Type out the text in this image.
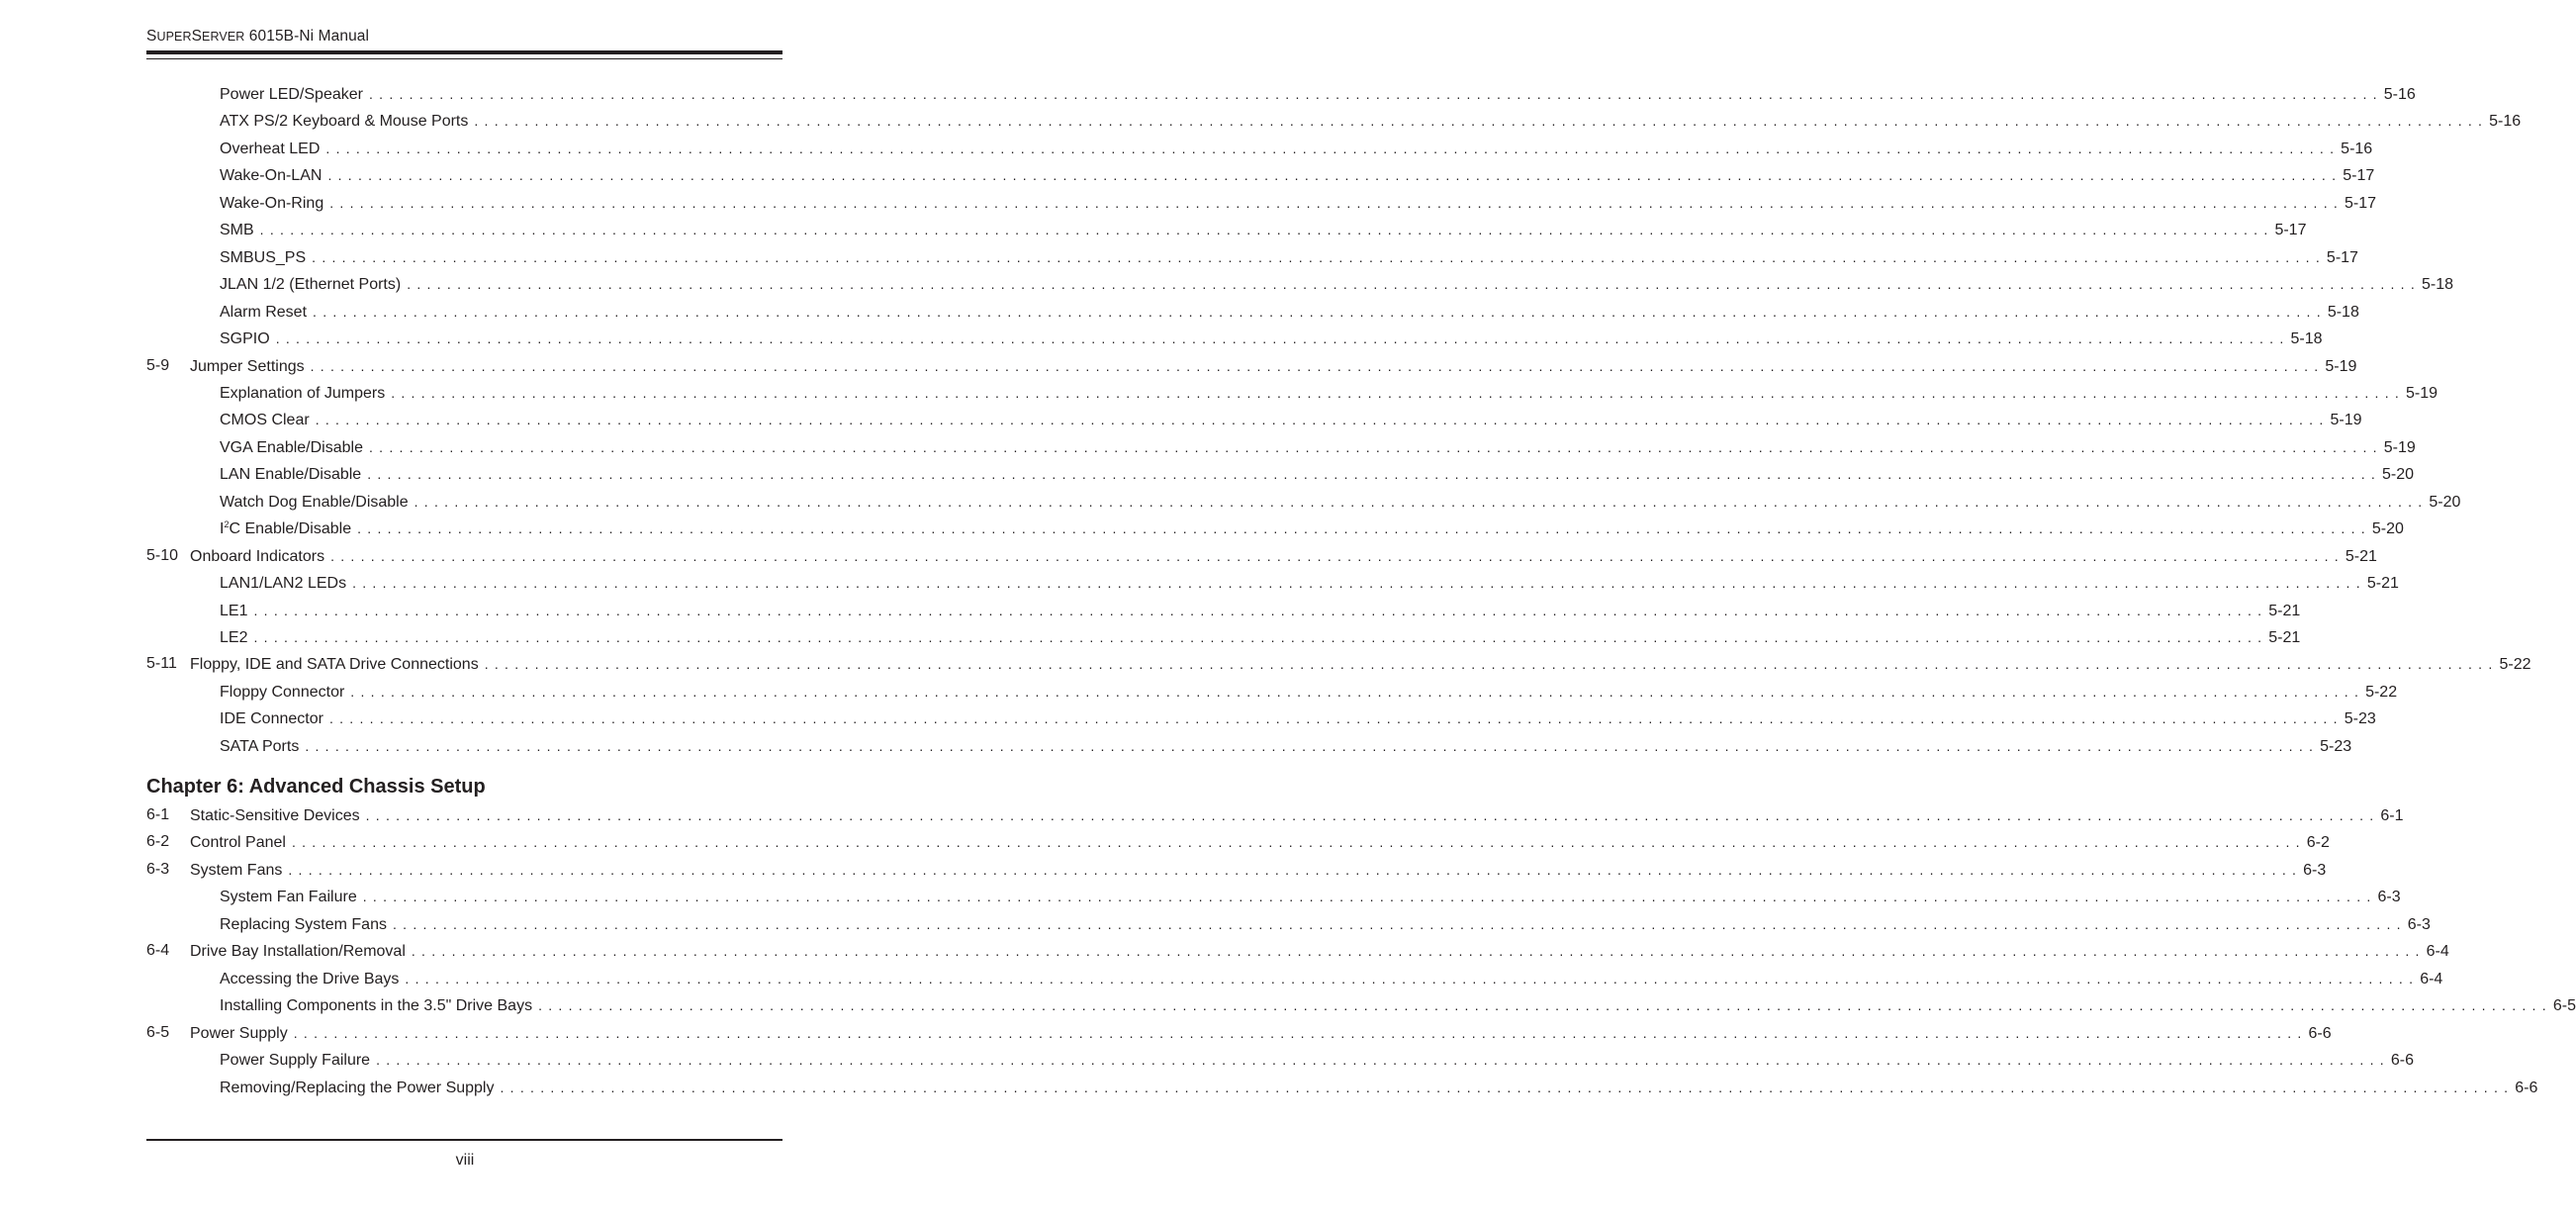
SUPERSERVER 6015B-Ni Manual
Power LED/Speaker . . . . . . . . . . . . . . . . . . . . . . . . . . . . . . . . . . . . . . . . . . . . . . . . . . . . . . . . . . . . . . . . . . . . . . . . . . . . . . . . . . . . . . . . . . . . . . . . . . . . . . . . . . . . . . . . . . . . . . . . . . . . . . . . . . . . . . . . . . . . . . . . . . . . . . . . . . . . . . . . . . . . . . . . . . . . . . . . . . . . . . . . . . . . . . . . . . . . . . . . 5-16
ATX PS/2 Keyboard & Mouse Ports . . . . . . . . . . . . . . . . . . . . . . . . . . . . . . . . . . . . . . . . . . . . . . . . . . . . . . . . . . . . . . . . . . . . . . . . . . . . . . . . . . . . . . . . . . . . . . . . . . . . . . . . . . . . . . . . . . . . . . . . . . . . . . . . . . . . . . . . . . . . . . . . . . . . . . . . . . . . . . . . . . . . . . . . . . . . . . . . . . . . . . . . . . . . . . . . . . . . . . . . 5-16
Overheat LED . . . . . . . . . . . . . . . . . . . . . . . . . . . . . . . . . . . . . . . . . . . . . . . . . . . . . . . . . . . . . . . . . . . . . . . . . . . . . . . . . . . . . . . . . . . . . . . . . . . . . . . . . . . . . . . . . . . . . . . . . . . . . . . . . . . . . . . . . . . . . . . . . . . . . . . . . . . . . . . . . . . . . . . . . . . . . . . . . . . . . . . . . . . . . . . . . . . . . . . . 5-16
Wake-On-LAN . . . . . . . . . . . . . . . . . . . . . . . . . . . . . . . . . . . . . . . . . . . . . . . . . . . . . . . . . . . . . . . . . . . . . . . . . . . . . . . . . . . . . . . . . . . . . . . . . . . . . . . . . . . . . . . . . . . . . . . . . . . . . . . . . . . . . . . . . . . . . . . . . . . . . . . . . . . . . . . . . . . . . . . . . . . . . . . . . . . . . . . . . . . . . . . . . . . . . . . . 5-17
Wake-On-Ring . . . . . . . . . . . . . . . . . . . . . . . . . . . . . . . . . . . . . . . . . . . . . . . . . . . . . . . . . . . . . . . . . . . . . . . . . . . . . . . . . . . . . . . . . . . . . . . . . . . . . . . . . . . . . . . . . . . . . . . . . . . . . . . . . . . . . . . . . . . . . . . . . . . . . . . . . . . . . . . . . . . . . . . . . . . . . . . . . . . . . . . . . . . . . . . . . . . . . . . . 5-17
SMB . . . . . . . . . . . . . . . . . . . . . . . . . . . . . . . . . . . . . . . . . . . . . . . . . . . . . . . . . . . . . . . . . . . . . . . . . . . . . . . . . . . . . . . . . . . . . . . . . . . . . . . . . . . . . . . . . . . . . . . . . . . . . . . . . . . . . . . . . . . . . . . . . . . . . . . . . . . . . . . . . . . . . . . . . . . . . . . . . . . . . . . . . . . . . . . . . . . . . . . . 5-17
SMBUS_PS . . . . . . . . . . . . . . . . . . . . . . . . . . . . . . . . . . . . . . . . . . . . . . . . . . . . . . . . . . . . . . . . . . . . . . . . . . . . . . . . . . . . . . . . . . . . . . . . . . . . . . . . . . . . . . . . . . . . . . . . . . . . . . . . . . . . . . . . . . . . . . . . . . . . . . . . . . . . . . . . . . . . . . . . . . . . . . . . . . . . . . . . . . . . . . . . . . . . . . . . 5-17
JLAN 1/2 (Ethernet Ports) . . . . . . . . . . . . . . . . . . . . . . . . . . . . . . . . . . . . . . . . . . . . . . . . . . . . . . . . . . . . . . . . . . . . . . . . . . . . . . . . . . . . . . . . . . . . . . . . . . . . . . . . . . . . . . . . . . . . . . . . . . . . . . . . . . . . . . . . . . . . . . . . . . . . . . . . . . . . . . . . . . . . . . . . . . . . . . . . . . . . . . . . . . . . . . . . . . . . . . . . 5-18
Alarm Reset . . . . . . . . . . . . . . . . . . . . . . . . . . . . . . . . . . . . . . . . . . . . . . . . . . . . . . . . . . . . . . . . . . . . . . . . . . . . . . . . . . . . . . . . . . . . . . . . . . . . . . . . . . . . . . . . . . . . . . . . . . . . . . . . . . . . . . . . . . . . . . . . . . . . . . . . . . . . . . . . . . . . . . . . . . . . . . . . . . . . . . . . . . . . . . . . . . . . . . . . 5-18
SGPIO . . . . . . . . . . . . . . . . . . . . . . . . . . . . . . . . . . . . . . . . . . . . . . . . . . . . . . . . . . . . . . . . . . . . . . . . . . . . . . . . . . . . . . . . . . . . . . . . . . . . . . . . . . . . . . . . . . . . . . . . . . . . . . . . . . . . . . . . . . . . . . . . . . . . . . . . . . . . . . . . . . . . . . . . . . . . . . . . . . . . . . . . . . . . . . . . . . . . . . . . 5-18
5-9 Jumper Settings . . . . . . . . . . . . . . . . . . . . . . . . . . . . . . . . . . . . . . . . . . . . . . . . . . . . . . . . . . . . . . . . . . . . . . . . . . . . . . . . . . . . . . . . . . . . . . . . . . . . . . . . . . . . . . . . . . . . . . . . . . . . . . . . . . . . . . . . . . . . . . . . . . . . . . . . . . . . . . . . . . . . . . . . . . . . . . . . . . . . . . . . . . . . . . . . . . . . . . . . 5-19
Explanation of Jumpers . . . . . . . . . . . . . . . . . . . . . . . . . . . . . . . . . . . . . . . . . . . . . . . . . . . . . . . . . . . . . . . . . . . . . . . . . . . . . . . . . . . . . . . . . . . . . . . . . . . . . . . . . . . . . . . . . . . . . . . . . . . . . . . . . . . . . . . . . . . . . . . . . . . . . . . . . . . . . . . . . . . . . . . . . . . . . . . . . . . . . . . . . . . . . . . . . . . . . . . . 5-19
CMOS Clear . . . . . . . . . . . . . . . . . . . . . . . . . . . . . . . . . . . . . . . . . . . . . . . . . . . . . . . . . . . . . . . . . . . . . . . . . . . . . . . . . . . . . . . . . . . . . . . . . . . . . . . . . . . . . . . . . . . . . . . . . . . . . . . . . . . . . . . . . . . . . . . . . . . . . . . . . . . . . . . . . . . . . . . . . . . . . . . . . . . . . . . . . . . . . . . . . . . . . . . . 5-19
VGA Enable/Disable . . . . . . . . . . . . . . . . . . . . . . . . . . . . . . . . . . . . . . . . . . . . . . . . . . . . . . . . . . . . . . . . . . . . . . . . . . . . . . . . . . . . . . . . . . . . . . . . . . . . . . . . . . . . . . . . . . . . . . . . . . . . . . . . . . . . . . . . . . . . . . . . . . . . . . . . . . . . . . . . . . . . . . . . . . . . . . . . . . . . . . . . . . . . . . . . . . . . . . . . 5-19
LAN Enable/Disable . . . . . . . . . . . . . . . . . . . . . . . . . . . . . . . . . . . . . . . . . . . . . . . . . . . . . . . . . . . . . . . . . . . . . . . . . . . . . . . . . . . . . . . . . . . . . . . . . . . . . . . . . . . . . . . . . . . . . . . . . . . . . . . . . . . . . . . . . . . . . . . . . . . . . . . . . . . . . . . . . . . . . . . . . . . . . . . . . . . . . . . . . . . . . . . . . . . . . . . . 5-20
Watch Dog Enable/Disable . . . . . . . . . . . . . . . . . . . . . . . . . . . . . . . . . . . . . . . . . . . . . . . . . . . . . . . . . . . . . . . . . . . . . . . . . . . . . . . . . . . . . . . . . . . . . . . . . . . . . . . . . . . . . . . . . . . . . . . . . . . . . . . . . . . . . . . . . . . . . . . . . . . . . . . . . . . . . . . . . . . . . . . . . . . . . . . . . . . . . . . . . . . . . . . . . . . . . . . . 5-20
$I^2C$ Enable/Disable . . . . . . . . . . . . . . . . . . . . . . . . . . . . . . . . . . . . . . . . . . . . . . . . . . . . . . . . . . . . . . . . . . . . . . . . . . . . . . . . . . . . . . . . . . . . . . . . . . . . . . . . . . . . . . . . . . . . . . . . . . . . . . . . . . . . . . . . . . . . . . . . . . . . . . . . . . . . . . . . . . . . . . . . . . . . . . . . . . . . . . . . . . . . . . . . . . . . . . . . 5-20
5-10 Onboard Indicators . . . . . . . . . . . . . . . . . . . . . . . . . . . . . . . . . . . . . . . . . . . . . . . . . . . . . . . . . . . . . . . . . . . . . . . . . . . . . . . . . . . . . . . . . . . . . . . . . . . . . . . . . . . . . . . . . . . . . . . . . . . . . . . . . . . . . . . . . . . . . . . . . . . . . . . . . . . . . . . . . . . . . . . . . . . . . . . . . . . . . . . . . . . . . . . . . . . . . . . . 5-21
LAN1/LAN2 LEDs . . . . . . . . . . . . . . . . . . . . . . . . . . . . . . . . . . . . . . . . . . . . . . . . . . . . . . . . . . . . . . . . . . . . . . . . . . . . . . . . . . . . . . . . . . . . . . . . . . . . . . . . . . . . . . . . . . . . . . . . . . . . . . . . . . . . . . . . . . . . . . . . . . . . . . . . . . . . . . . . . . . . . . . . . . . . . . . . . . . . . . . . . . . . . . . . . . . . . . . . 5-21
LE1 . . . . . . . . . . . . . . . . . . . . . . . . . . . . . . . . . . . . . . . . . . . . . . . . . . . . . . . . . . . . . . . . . . . . . . . . . . . . . . . . . . . . . . . . . . . . . . . . . . . . . . . . . . . . . . . . . . . . . . . . . . . . . . . . . . . . . . . . . . . . . . . . . . . . . . . . . . . . . . . . . . . . . . . . . . . . . . . . . . . . . . . . . . . . . . . . . . . . . . . . 5-21
LE2 . . . . . . . . . . . . . . . . . . . . . . . . . . . . . . . . . . . . . . . . . . . . . . . . . . . . . . . . . . . . . . . . . . . . . . . . . . . . . . . . . . . . . . . . . . . . . . . . . . . . . . . . . . . . . . . . . . . . . . . . . . . . . . . . . . . . . . . . . . . . . . . . . . . . . . . . . . . . . . . . . . . . . . . . . . . . . . . . . . . . . . . . . . . . . . . . . . . . . . . . 5-21
5-11 Floppy, IDE and SATA Drive Connections . . . . . . . . . . . . . . . . . . . . . . . . . . . . . . . . . . . . . . . . . . . . . . . . . . . . . . . . . . . . . . . . . . . . . . . . . . . . . . . . . . . . . . . . . . . . . . . . . . . . . . . . . . . . . . . . . . . . . . . . . . . . . . . . . . . . . . . . . . . . . . . . . . . . . . . . . . . . . . . . . . . . . . . . . . . . . . . . . . . . . . . . . . . . . . . . . . . . . . . . 5-22
Floppy Connector . . . . . . . . . . . . . . . . . . . . . . . . . . . . . . . . . . . . . . . . . . . . . . . . . . . . . . . . . . . . . . . . . . . . . . . . . . . . . . . . . . . . . . . . . . . . . . . . . . . . . . . . . . . . . . . . . . . . . . . . . . . . . . . . . . . . . . . . . . . . . . . . . . . . . . . . . . . . . . . . . . . . . . . . . . . . . . . . . . . . . . . . . . . . . . . . . . . . . . . . 5-22
IDE Connector . . . . . . . . . . . . . . . . . . . . . . . . . . . . . . . . . . . . . . . . . . . . . . . . . . . . . . . . . . . . . . . . . . . . . . . . . . . . . . . . . . . . . . . . . . . . . . . . . . . . . . . . . . . . . . . . . . . . . . . . . . . . . . . . . . . . . . . . . . . . . . . . . . . . . . . . . . . . . . . . . . . . . . . . . . . . . . . . . . . . . . . . . . . . . . . . . . . . . . . . 5-23
SATA Ports . . . . . . . . . . . . . . . . . . . . . . . . . . . . . . . . . . . . . . . . . . . . . . . . . . . . . . . . . . . . . . . . . . . . . . . . . . . . . . . . . . . . . . . . . . . . . . . . . . . . . . . . . . . . . . . . . . . . . . . . . . . . . . . . . . . . . . . . . . . . . . . . . . . . . . . . . . . . . . . . . . . . . . . . . . . . . . . . . . . . . . . . . . . . . . . . . . . . . . . . 5-23
Chapter 6: Advanced Chassis Setup
6-1 Static-Sensitive Devices . . . . . . . . . . . . . . . . . . . . . . . . . . . . . . . . . . . . . . . . . . . . . . . . . . . . . . . . . . . . . . . . . . . . . . . . . . . . . . . . . . . . . . . . . . . . . . . . . . . . . . . . . . . . . . . . . . . . . . . . . . . . . . . . . . . . . . . . . . . . . . . . . . . . . . . . . . . . . . . . . . . . . . . . . . . . . . . . . . . . . . . . . . . . . . . . . . . . . . . . 6-1
6-2 Control Panel . . . . . . . . . . . . . . . . . . . . . . . . . . . . . . . . . . . . . . . . . . . . . . . . . . . . . . . . . . . . . . . . . . . . . . . . . . . . . . . . . . . . . . . . . . . . . . . . . . . . . . . . . . . . . . . . . . . . . . . . . . . . . . . . . . . . . . . . . . . . . . . . . . . . . . . . . . . . . . . . . . . . . . . . . . . . . . . . . . . . . . . . . . . . . . . . . . . . . . . . 6-2
6-3 System Fans . . . . . . . . . . . . . . . . . . . . . . . . . . . . . . . . . . . . . . . . . . . . . . . . . . . . . . . . . . . . . . . . . . . . . . . . . . . . . . . . . . . . . . . . . . . . . . . . . . . . . . . . . . . . . . . . . . . . . . . . . . . . . . . . . . . . . . . . . . . . . . . . . . . . . . . . . . . . . . . . . . . . . . . . . . . . . . . . . . . . . . . . . . . . . . . . . . . . . . . . 6-3
System Fan Failure . . . . . . . . . . . . . . . . . . . . . . . . . . . . . . . . . . . . . . . . . . . . . . . . . . . . . . . . . . . . . . . . . . . . . . . . . . . . . . . . . . . . . . . . . . . . . . . . . . . . . . . . . . . . . . . . . . . . . . . . . . . . . . . . . . . . . . . . . . . . . . . . . . . . . . . . . . . . . . . . . . . . . . . . . . . . . . . . . . . . . . . . . . . . . . . . . . . . . . . . 6-3
Replacing System Fans . . . . . . . . . . . . . . . . . . . . . . . . . . . . . . . . . . . . . . . . . . . . . . . . . . . . . . . . . . . . . . . . . . . . . . . . . . . . . . . . . . . . . . . . . . . . . . . . . . . . . . . . . . . . . . . . . . . . . . . . . . . . . . . . . . . . . . . . . . . . . . . . . . . . . . . . . . . . . . . . . . . . . . . . . . . . . . . . . . . . . . . . . . . . . . . . . . . . . . . . 6-3
6-4 Drive Bay Installation/Removal . . . . . . . . . . . . . . . . . . . . . . . . . . . . . . . . . . . . . . . . . . . . . . . . . . . . . . . . . . . . . . . . . . . . . . . . . . . . . . . . . . . . . . . . . . . . . . . . . . . . . . . . . . . . . . . . . . . . . . . . . . . . . . . . . . . . . . . . . . . . . . . . . . . . . . . . . . . . . . . . . . . . . . . . . . . . . . . . . . . . . . . . . . . . . . . . . . . . . . . . 6-4
Accessing the Drive Bays . . . . . . . . . . . . . . . . . . . . . . . . . . . . . . . . . . . . . . . . . . . . . . . . . . . . . . . . . . . . . . . . . . . . . . . . . . . . . . . . . . . . . . . . . . . . . . . . . . . . . . . . . . . . . . . . . . . . . . . . . . . . . . . . . . . . . . . . . . . . . . . . . . . . . . . . . . . . . . . . . . . . . . . . . . . . . . . . . . . . . . . . . . . . . . . . . . . . . . . . 6-4
Installing Components in the 3.5" Drive Bays . . . . . . . . . . . . . . . . . . . . . . . . . . . . . . . . . . . . . . . . . . . . . . . . . . . . . . . . . . . . . . . . . . . . . . . . . . . . . . . . . . . . . . . . . . . . . . . . . . . . . . . . . . . . . . . . . . . . . . . . . . . . . . . . . . . . . . . . . . . . . . . . . . . . . . . . . . . . . . . . . . . . . . . . . . . . . . . . . . . . . . . . . . . . . . . . . . . . . . . . 6-5
6-5 Power Supply . . . . . . . . . . . . . . . . . . . . . . . . . . . . . . . . . . . . . . . . . . . . . . . . . . . . . . . . . . . . . . . . . . . . . . . . . . . . . . . . . . . . . . . . . . . . . . . . . . . . . . . . . . . . . . . . . . . . . . . . . . . . . . . . . . . . . . . . . . . . . . . . . . . . . . . . . . . . . . . . . . . . . . . . . . . . . . . . . . . . . . . . . . . . . . . . . . . . . . . . 6-6
Power Supply Failure . . . . . . . . . . . . . . . . . . . . . . . . . . . . . . . . . . . . . . . . . . . . . . . . . . . . . . . . . . . . . . . . . . . . . . . . . . . . . . . . . . . . . . . . . . . . . . . . . . . . . . . . . . . . . . . . . . . . . . . . . . . . . . . . . . . . . . . . . . . . . . . . . . . . . . . . . . . . . . . . . . . . . . . . . . . . . . . . . . . . . . . . . . . . . . . . . . . . . . . . 6-6
Removing/Replacing the Power Supply . . . . . . . . . . . . . . . . . . . . . . . . . . . . . . . . . . . . . . . . . . . . . . . . . . . . . . . . . . . . . . . . . . . . . . . . . . . . . . . . . . . . . . . . . . . . . . . . . . . . . . . . . . . . . . . . . . . . . . . . . . . . . . . . . . . . . . . . . . . . . . . . . . . . . . . . . . . . . . . . . . . . . . . . . . . . . . . . . . . . . . . . . . . . . . . . . . . . . . . . 6-6
viii
